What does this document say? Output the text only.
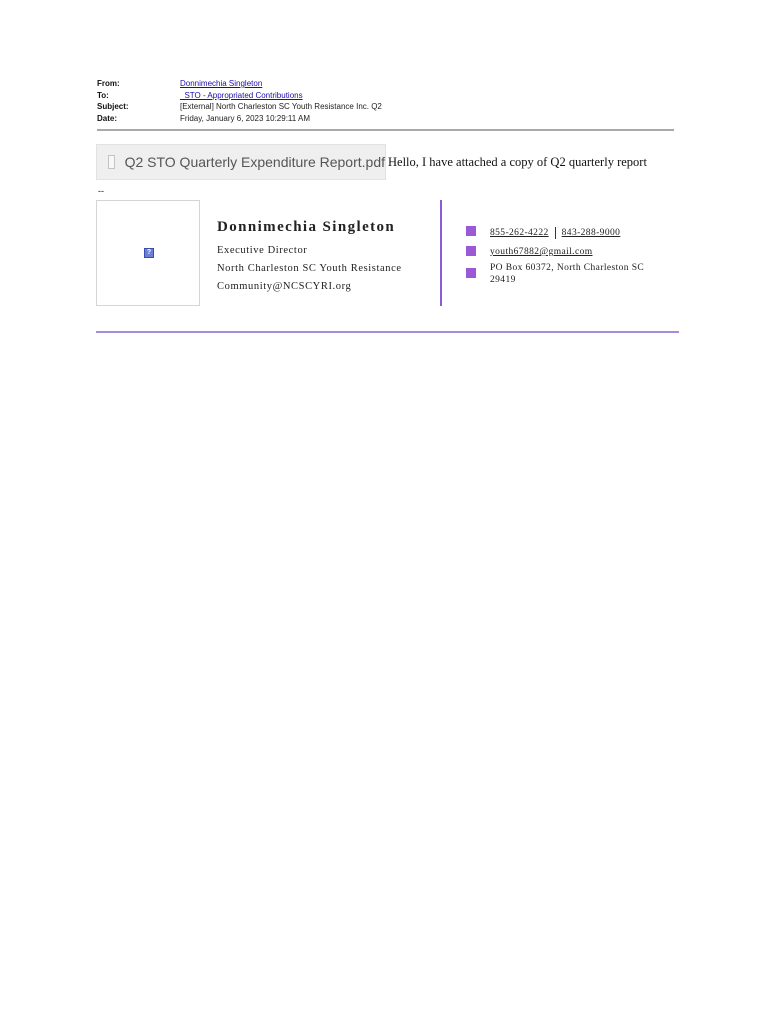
From:	Donnimechia Singleton
To:	_STO - Appropriated Contributions
Subject:	[External] North Charleston SC Youth Resistance Inc. Q2
Date:	Friday, January 6, 2023 10:29:11 AM
Q2 STO Quarterly Expenditure Report.pdf Hello, I have attached a copy of Q2 quarterly report
--
?
Donnimechia Singleton
Executive Director
North Charleston SC Youth Resistance
Community@NCSCYRI.org
855-262-4222 843-288-9000
youth67882@gmail.com
PO Box 60372, North Charleston SC
29419
